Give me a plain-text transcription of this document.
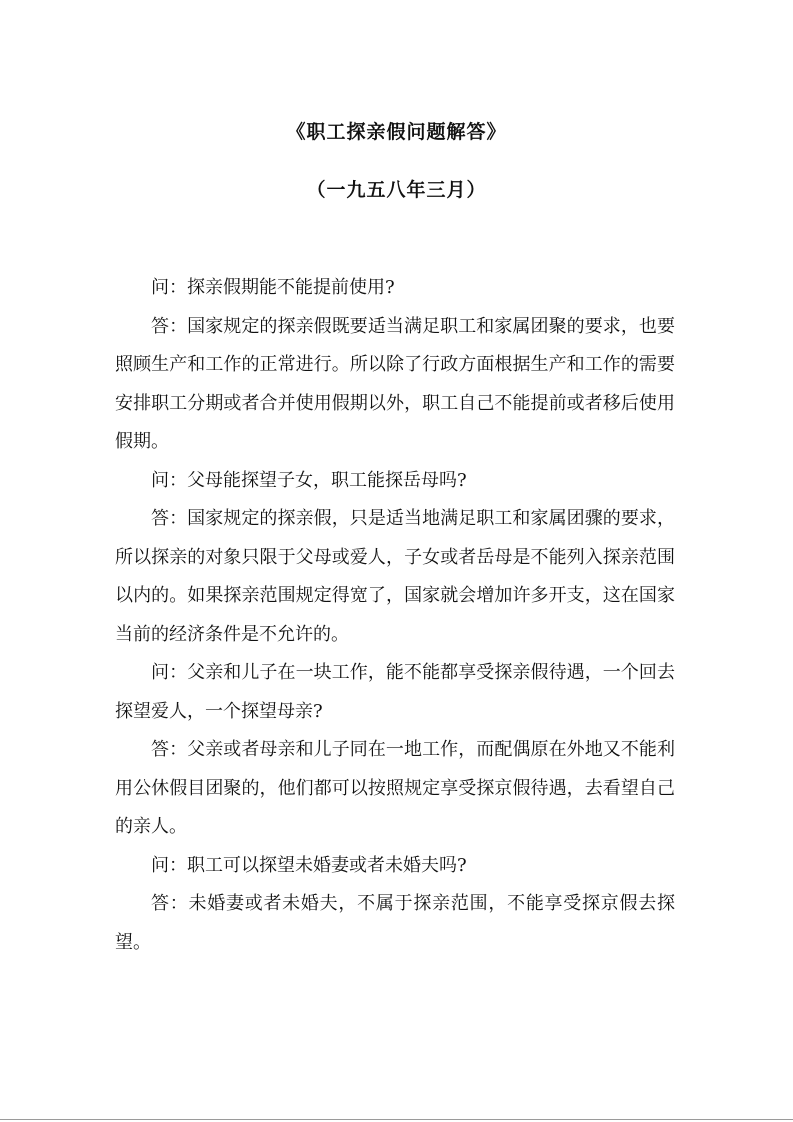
《职工探亲假问题解答》
（一九五八年三月）

问：探亲假期能不能提前使用?

答：国家规定的探亲假既要适当满足职工和家属团聚的要求，也要照顾生产和工作的正常进行。所以除了行政方面根据生产和工作的需要安排职工分期或者合并使用假期以外，职工自己不能提前或者移后使用假期。

问：父母能探望子女，职工能探岳母吗?

答：国家规定的探亲假，只是适当地满足职工和家属团骤的要求，所以探亲的对象只限于父母或爱人，子女或者岳母是不能列入探亲范围以内的。如果探亲范围规定得宽了，国家就会增加许多开支，这在国家当前的经济条件是不允许的。

问：父亲和儿子在一块工作，能不能都享受探亲假待遇，一个回去探望爱人，一个探望母亲?

答：父亲或者母亲和儿子同在一地工作，而配偶原在外地又不能利用公休假目团聚的，他们都可以按照规定享受探京假待遇，去看望自己的亲人。

问：职工可以探望未婚妻或者未婚夫吗?

答：未婚妻或者未婚夫，不属于探亲范围，不能享受探京假去探望。
